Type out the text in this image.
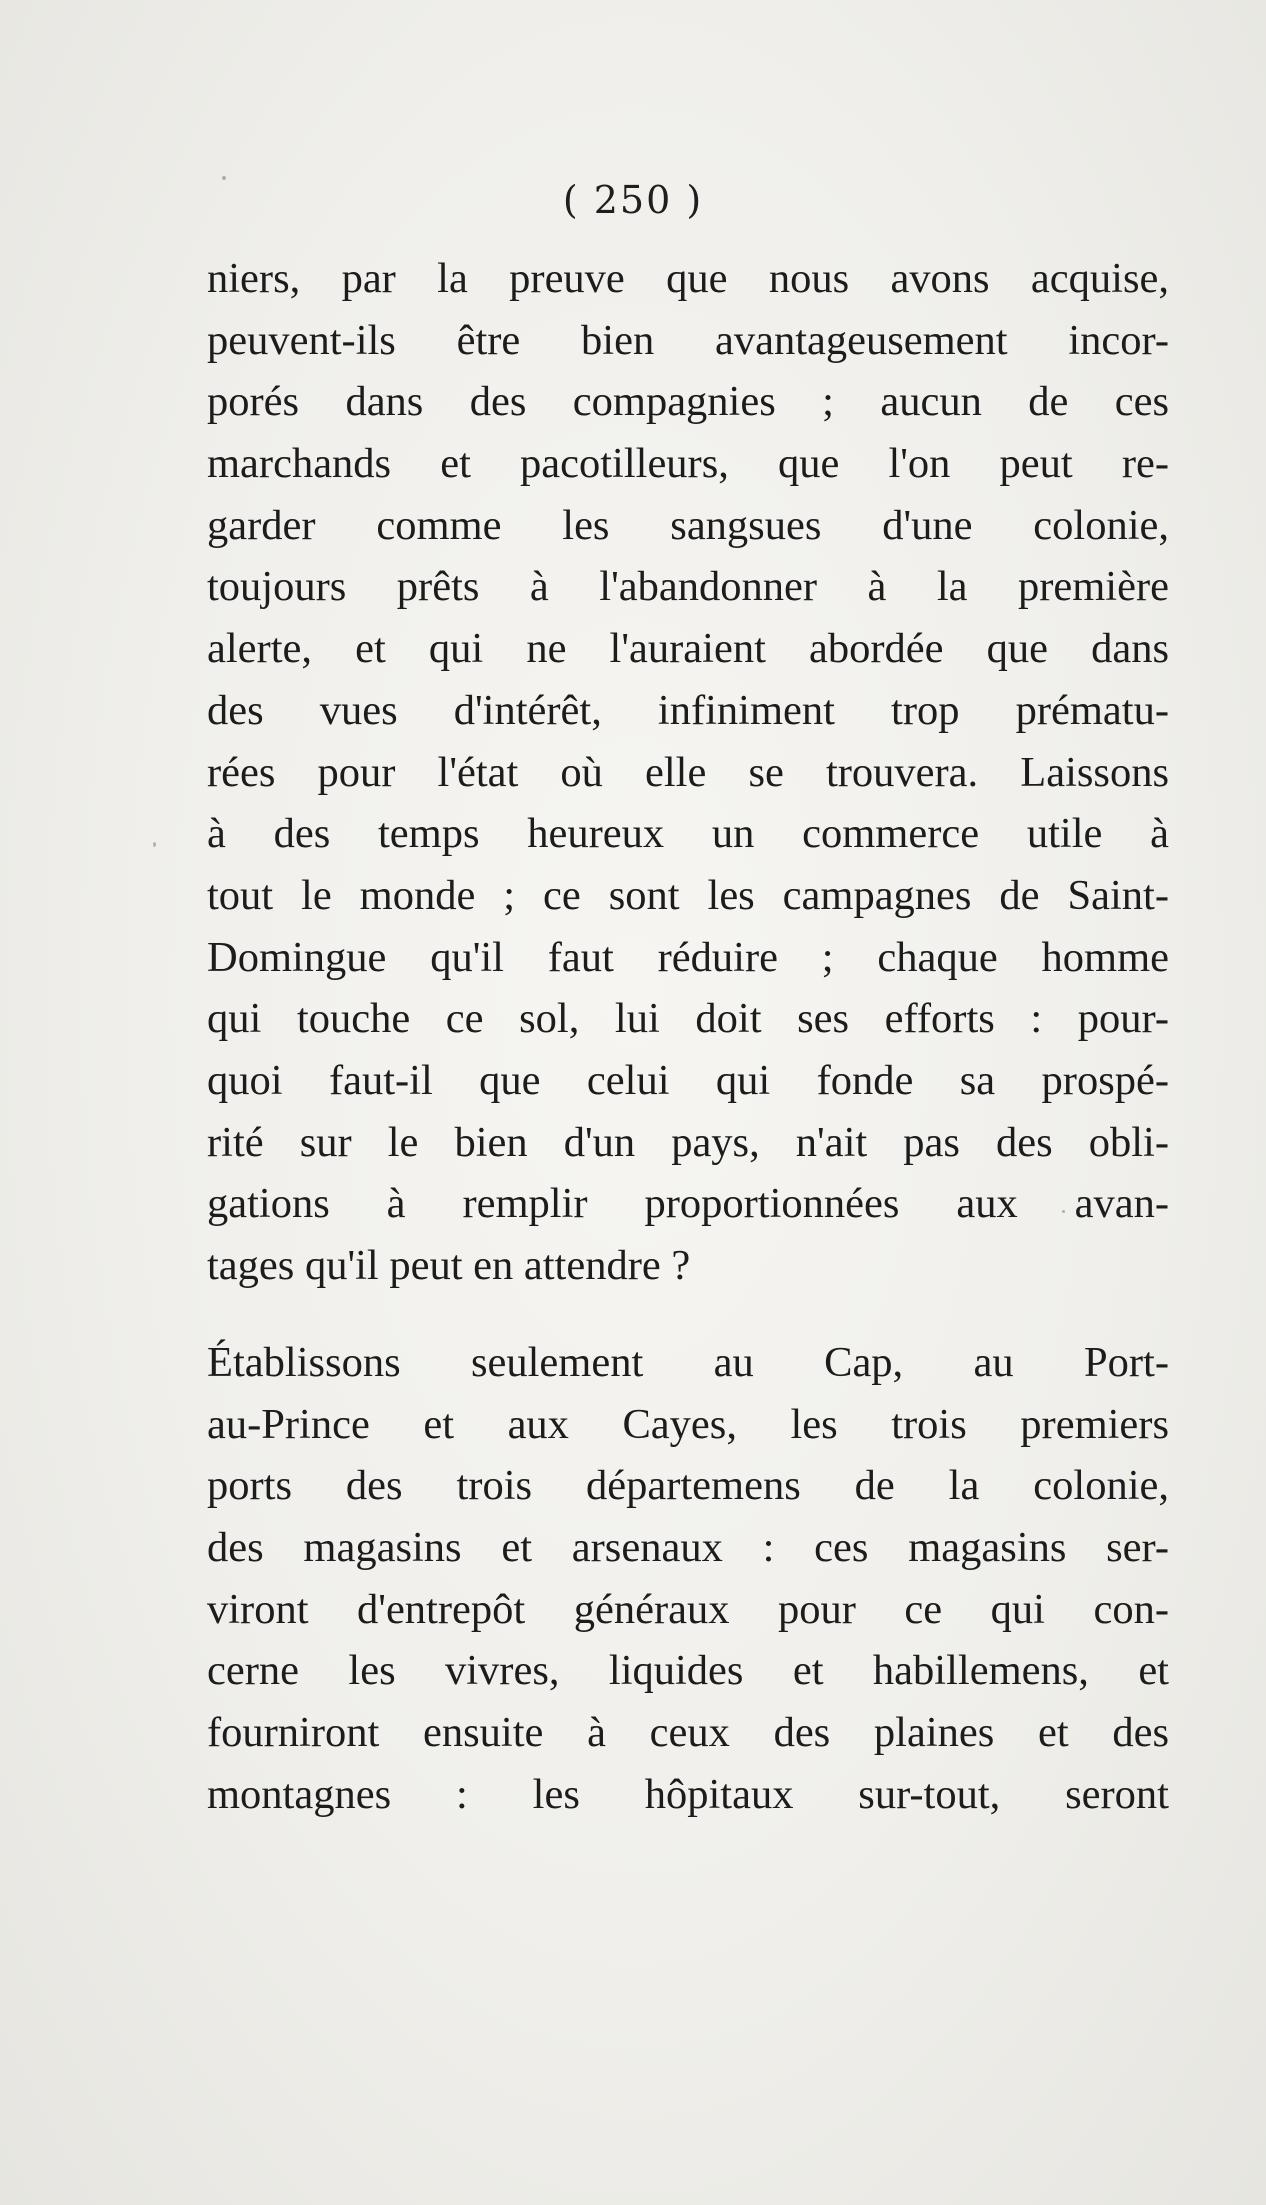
( 250 )
niers, par la preuve que nous avons acquise,
peuvent-ils être bien avantageusement incor-
porés dans des compagnies ; aucun de ces
marchands et pacotilleurs, que l'on peut re-
garder comme les sangsues d'une colonie,
toujours prêts à l'abandonner à la première
alerte, et qui ne l'auraient abordée que dans
des vues d'intérêt, infiniment trop prématu-
rées pour l'état où elle se trouvera. Laissons
à des temps heureux un commerce utile à
tout le monde ; ce sont les campagnes de Saint-
Domingue qu'il faut réduire ; chaque homme
qui touche ce sol, lui doit ses efforts : pour-
quoi faut-il que celui qui fonde sa prospé-
rité sur le bien d'un pays, n'ait pas des obli-
gations à remplir proportionnées aux avan-
tages qu'il peut en attendre ?
Établissons seulement au Cap, au Port-
au-Prince et aux Cayes, les trois premiers
ports des trois départemens de la colonie,
des magasins et arsenaux : ces magasins ser-
viront d'entrepôt généraux pour ce qui con-
cerne les vivres, liquides et habillemens, et
fourniront ensuite à ceux des plaines et des
montagnes : les hôpitaux sur-tout, seront
